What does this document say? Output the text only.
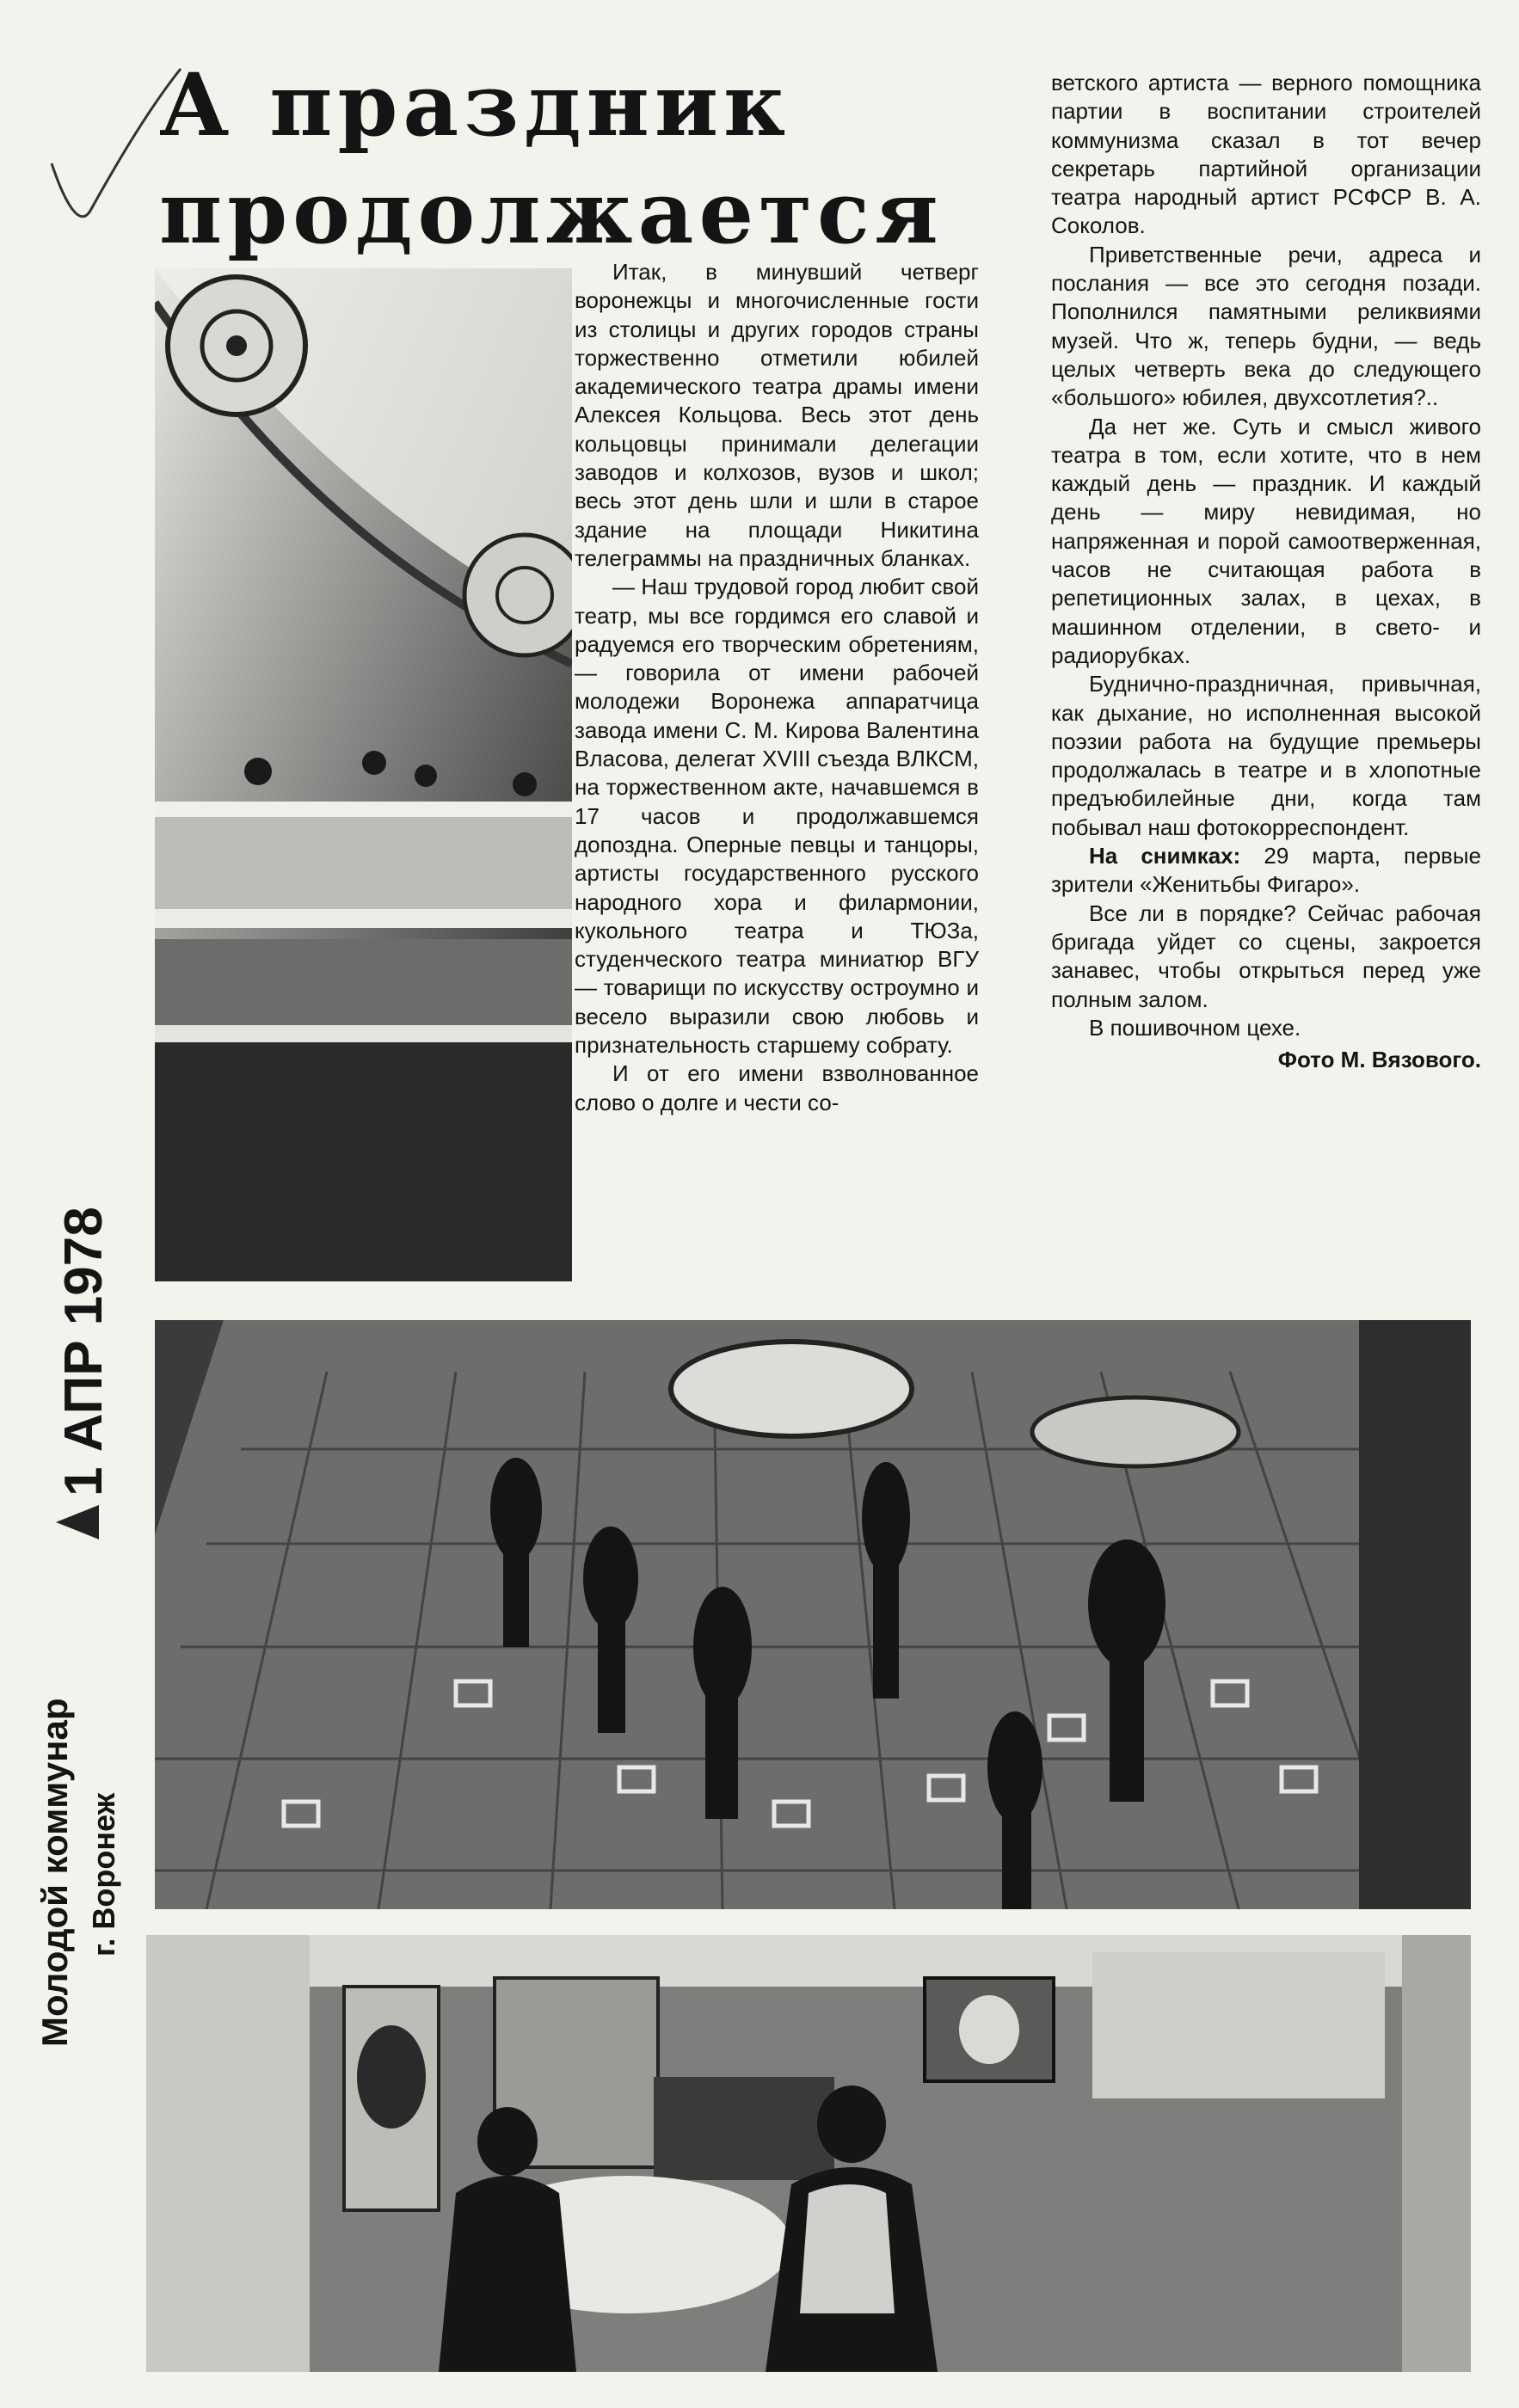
А праздник
продолжается

Итак, в минувший четверг воронежцы и многочисленные гости из столицы и других городов страны торжественно отметили юбилей академического театра драмы имени Алексея Кольцова. Весь этот день кольцовцы принимали делегации заводов и колхозов, вузов и школ; весь этот день шли и шли в старое здание на площади Никитина телеграммы на праздничных бланках.

— Наш трудовой город любит свой театр, мы все гордимся его славой и радуемся его творческим обретениям, — говорила от имени рабочей молодежи Воронежа аппаратчица завода имени С. М. Кирова Валентина Власова, делегат XVIII съезда ВЛКСМ, на торжественном акте, начавшемся в 17 часов и продолжавшемся допоздна. Оперные певцы и танцоры, артисты государственного русского народного хора и филармонии, кукольного театра и ТЮЗа, студенческого театра миниатюр ВГУ — товарищи по искусству остроумно и весело выразили свою любовь и признательность старшему собрату.

И от его имени взволнованное слово о долге и чести со-

ветского артиста — верного помощника партии в воспитании строителей коммунизма сказал в тот вечер секретарь партийной организации театра народный артист РСФСР В. А. Соколов.

Приветственные речи, адреса и послания — все это сегодня позади. Пополнился памятными реликвиями музей. Что ж, теперь будни, — ведь целых четверть века до следующего «большого» юбилея, двухсотлетия?..

Да нет же. Суть и смысл живого театра в том, если хотите, что в нем каждый день — праздник. И каждый день — миру невидимая, но напряженная и порой самоотверженная, часов не считающая работа в репетиционных залах, в цехах, в машинном отделении, в свето- и радиорубках.

Буднично-праздничная, привычная, как дыхание, но исполненная высокой поэзии работа на будущие премьеры продолжалась в театре и в хлопотные предъюбилейные дни, когда там побывал наш фотокорреспондент.

На снимках: 29 марта, первые зрители «Женитьбы Фигаро».

Все ли в порядке? Сейчас рабочая бригада уйдет со сцены, закроется занавес, чтобы открыться перед уже полным залом.

В пошивочном цехе.

Фото М. Вязового.
1 АПР 1978
Молодой коммунар г. Воронеж
